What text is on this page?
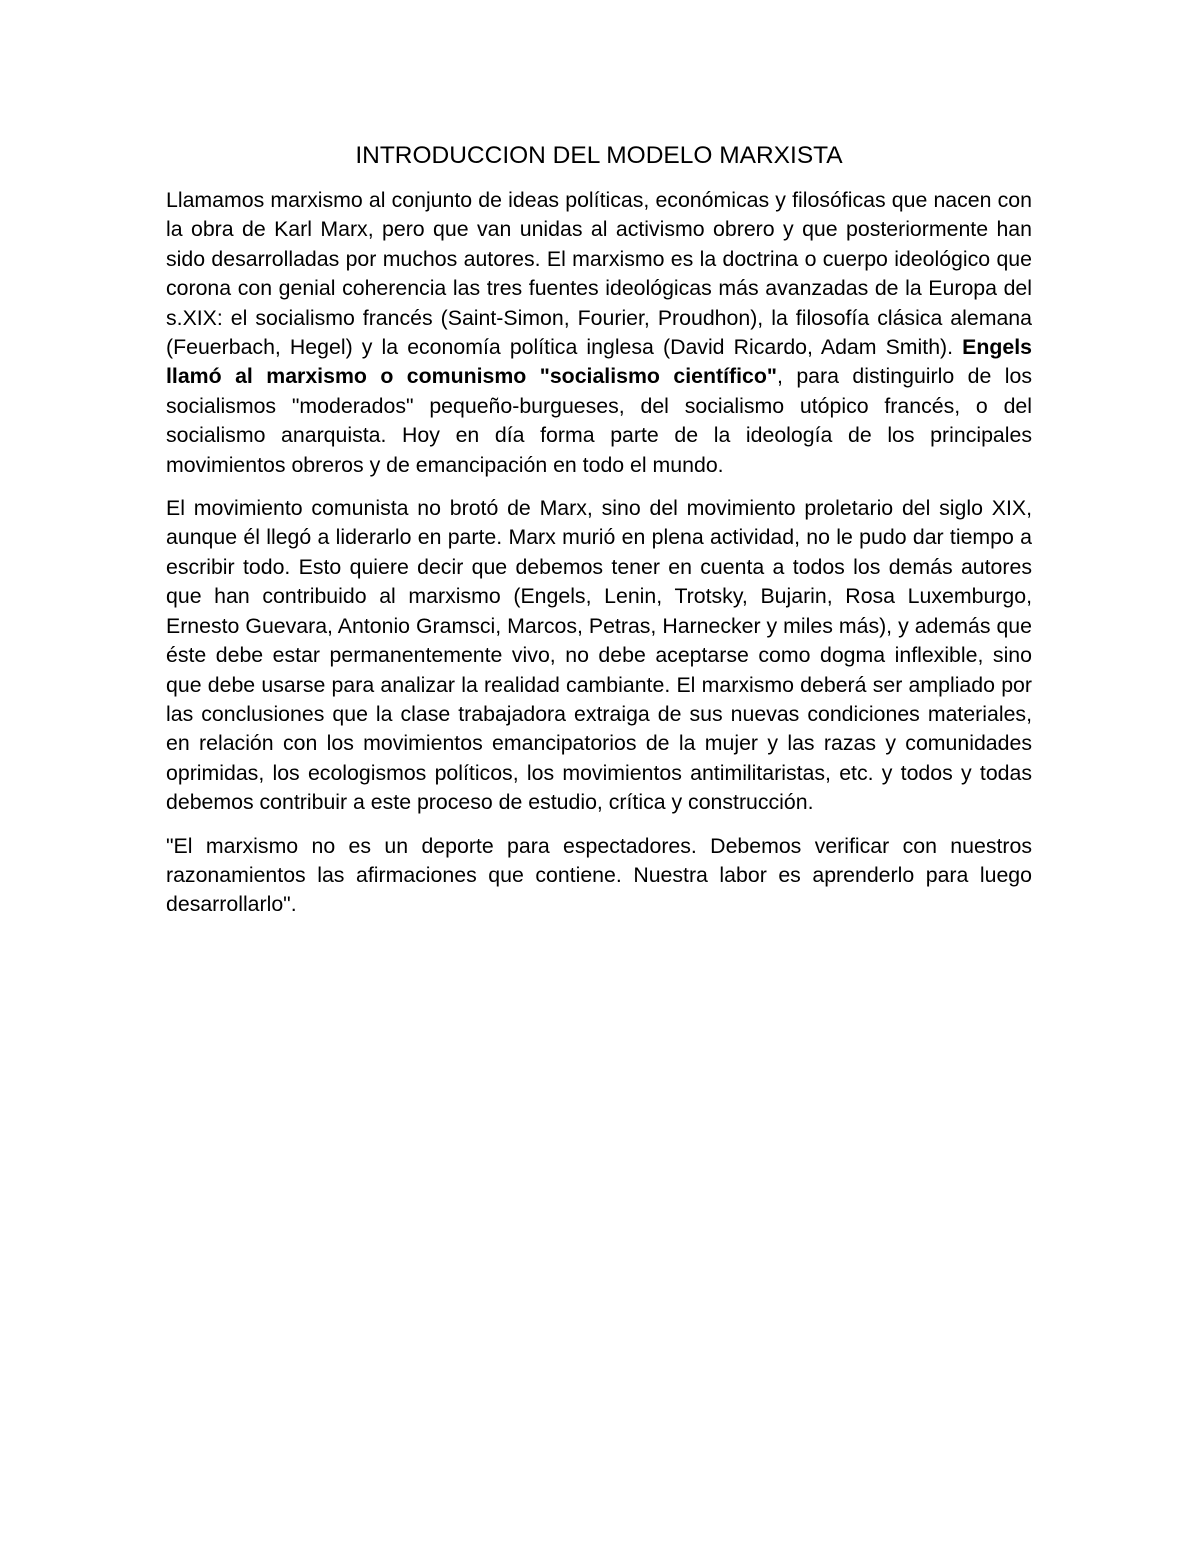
INTRODUCCION DEL MODELO MARXISTA

Llamamos marxismo al conjunto de ideas políticas, económicas y filosóficas que nacen con la obra de Karl Marx, pero que van unidas al activismo obrero y que posteriormente han sido desarrolladas por muchos autores. El marxismo es la doctrina o cuerpo ideológico que corona con genial coherencia las tres fuentes ideológicas más avanzadas de la Europa del s.XIX: el socialismo francés (Saint-Simon, Fourier, Proudhon), la filosofía clásica alemana (Feuerbach, Hegel) y la economía política inglesa (David Ricardo, Adam Smith). Engels llamó al marxismo o comunismo "socialismo científico", para distinguirlo de los socialismos "moderados" pequeño-burgueses, del socialismo utópico francés, o del socialismo anarquista. Hoy en día forma parte de la ideología de los principales movimientos obreros y de emancipación en todo el mundo.

El movimiento comunista no brotó de Marx, sino del movimiento proletario del siglo XIX, aunque él llegó a liderarlo en parte. Marx murió en plena actividad, no le pudo dar tiempo a escribir todo. Esto quiere decir que debemos tener en cuenta a todos los demás autores que han contribuido al marxismo (Engels, Lenin, Trotsky, Bujarin, Rosa Luxemburgo, Ernesto Guevara, Antonio Gramsci, Marcos, Petras, Harnecker y miles más), y además que éste debe estar permanentemente vivo, no debe aceptarse como dogma inflexible, sino que debe usarse para analizar la realidad cambiante. El marxismo deberá ser ampliado por las conclusiones que la clase trabajadora extraiga de sus nuevas condiciones materiales, en relación con los movimientos emancipatorios de la mujer y las razas y comunidades oprimidas, los ecologismos políticos, los movimientos antimilitaristas, etc. y todos y todas debemos contribuir a este proceso de estudio, crítica y construcción.

"El marxismo no es un deporte para espectadores. Debemos verificar con nuestros razonamientos las afirmaciones que contiene. Nuestra labor es aprenderlo para luego desarrollarlo".
